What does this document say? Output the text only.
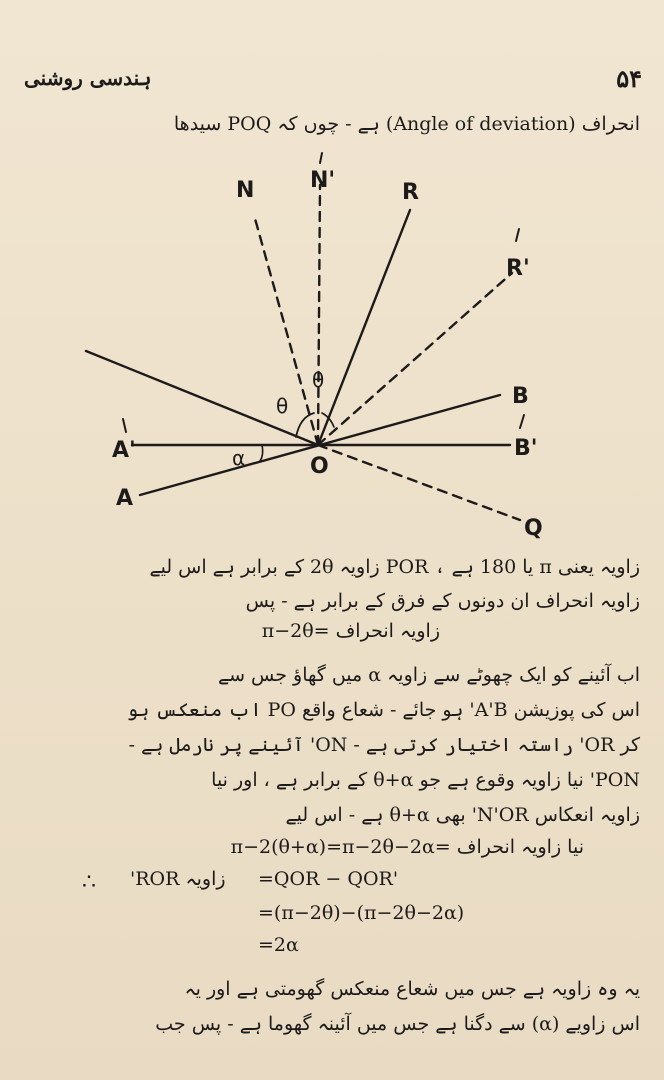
ہندسی روشنی	۵۴
انحراف (Angle of deviation) ہے - چوں کہ POQ سیدھا
N	N'	R
R'
B
B'
A'
A
O
Q
θ
θ
α
زاویہ یعنی π یا 180 ہے ، POR زاویہ 2θ کے برابر ہے اس لیے
زاویہ انحراف ان دونوں کے فرق کے برابر ہے - پس
زاویہ انحراف =π−2θ
اب آئینے کو ایک چھوٹے سے زاویہ α میں گھاؤ جس سے
اس کی پوزیشن A'B' ہو جائے - شعاع واقع PO اب منعکس ہو
کر OR' راستہ اختیار کرتی ہے - ON' آئینے پر نارمل ہے -
PON' نیا زاویہ وقوع ہے جو θ+α کے برابر ہے ، اور نیا
زاویہ انعکاس N'OR' بھی θ+α ہے - اس لیے
نیا زاویہ انحراف =π−2(θ+α)=π−2θ−2α
∴ زاویہ ROR' =QOR − QOR'
=(π−2θ)−(π−2θ−2α)
=2α
یہ وہ زاویہ ہے جس میں شعاع منعکس گھومتی ہے اور یہ
اس زاویے (α) سے دگنا ہے جس میں آئینہ گھوما ہے - پس جب
